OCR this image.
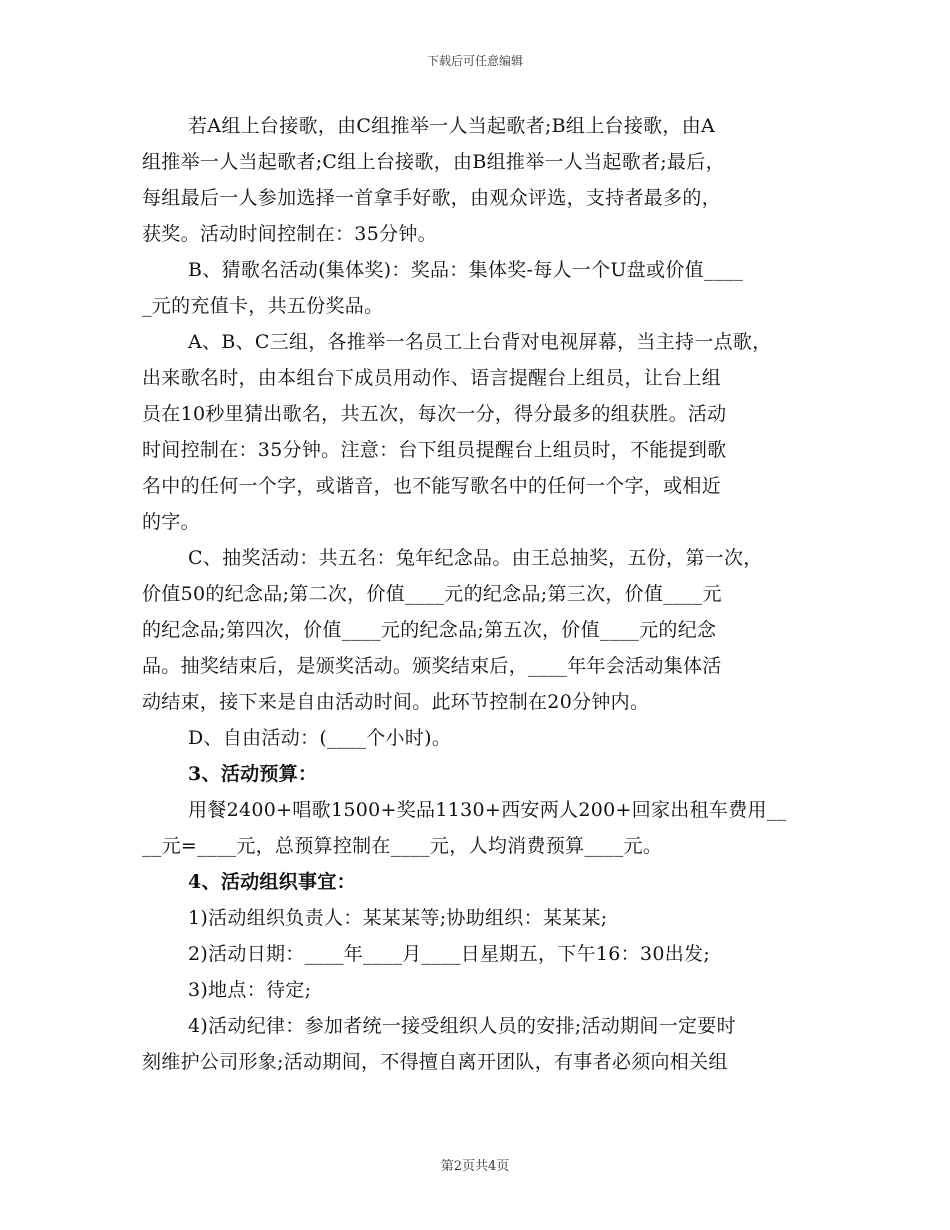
下载后可任意编辑
若A组上台接歌，由C组推举一人当起歌者;B组上台接歌，由A
组推举一人当起歌者;C组上台接歌，由B组推举一人当起歌者;最后，
每组最后一人参加选择一首拿手好歌，由观众评选，支持者最多的，
获奖。活动时间控制在：35分钟。
B、猜歌名活动(集体奖)：奖品：集体奖-每人一个U盘或价值____
_元的充值卡，共五份奖品。
A、B、C三组，各推举一名员工上台背对电视屏幕，当主持一点歌，
出来歌名时，由本组台下成员用动作、语言提醒台上组员，让台上组
员在10秒里猜出歌名，共五次，每次一分，得分最多的组获胜。活动
时间控制在：35分钟。注意：台下组员提醒台上组员时，不能提到歌
名中的任何一个字，或谐音，也不能写歌名中的任何一个字，或相近
的字。
C、抽奖活动：共五名：兔年纪念品。由王总抽奖，五份，第一次，
价值50的纪念品;第二次，价值____元的纪念品;第三次，价值____元
的纪念品;第四次，价值____元的纪念品;第五次，价值____元的纪念
品。抽奖结束后，是颁奖活动。颁奖结束后，____年年会活动集体活
动结束，接下来是自由活动时间。此环节控制在20分钟内。
D、自由活动：(____个小时)。
3、活动预算：
用餐2400+唱歌1500+奖品1130+西安两人200+回家出租车费用__
__元=____元，总预算控制在____元，人均消费预算____元。
4、活动组织事宜：
1)活动组织负责人：某某某等;协助组织：某某某;
2)活动日期：____年____月____日星期五，下午16：30出发;
3)地点：待定;
4)活动纪律：参加者统一接受组织人员的安排;活动期间一定要时
刻维护公司形象;活动期间，不得擅自离开团队，有事者必须向相关组
第2页共4页
